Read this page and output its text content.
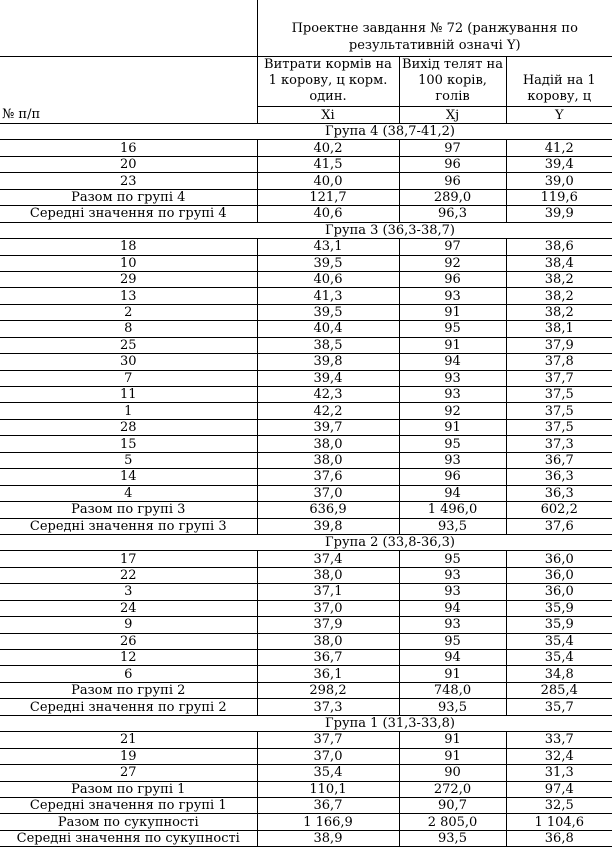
	Проектне завдання № 72 (ранжування по результативній означі Y)		
№ п/п	Витрати кормів на 1 корову, ц корм. один.	Вихід телят на 100 корів, голів	Надій на 1 корову, ц
	Xi	Xj	Y
Група 4 (38,7-41,2)			
16	40,2	97	41,2
20	41,5	96	39,4
23	40,0	96	39,0
Разом по групі 4	121,7	289,0	119,6
Середні значення по групі 4	40,6	96,3	39,9
Група 3 (36,3-38,7)			
18	43,1	97	38,6
10	39,5	92	38,4
29	40,6	96	38,2
13	41,3	93	38,2
2	39,5	91	38,2
8	40,4	95	38,1
25	38,5	91	37,9
30	39,8	94	37,8
7	39,4	93	37,7
11	42,3	93	37,5
1	42,2	92	37,5
28	39,7	91	37,5
15	38,0	95	37,3
5	38,0	93	36,7
14	37,6	96	36,3
4	37,0	94	36,3
Разом по групі 3	636,9	1 496,0	602,2
Середні значення по групі 3	39,8	93,5	37,6
Група 2 (33,8-36,3)			
17	37,4	95	36,0
22	38,0	93	36,0
3	37,1	93	36,0
24	37,0	94	35,9
9	37,9	93	35,9
26	38,0	95	35,4
12	36,7	94	35,4
6	36,1	91	34,8
Разом по групі 2	298,2	748,0	285,4
Середні значення по групі 2	37,3	93,5	35,7
Група 1 (31,3-33,8)			
21	37,7	91	33,7
19	37,0	91	32,4
27	35,4	90	31,3
Разом по групі 1	110,1	272,0	97,4
Середні значення по групі 1	36,7	90,7	32,5
Разом по сукупності	1 166,9	2 805,0	1 104,6
Середні значення по сукупності	38,9	93,5	36,8
